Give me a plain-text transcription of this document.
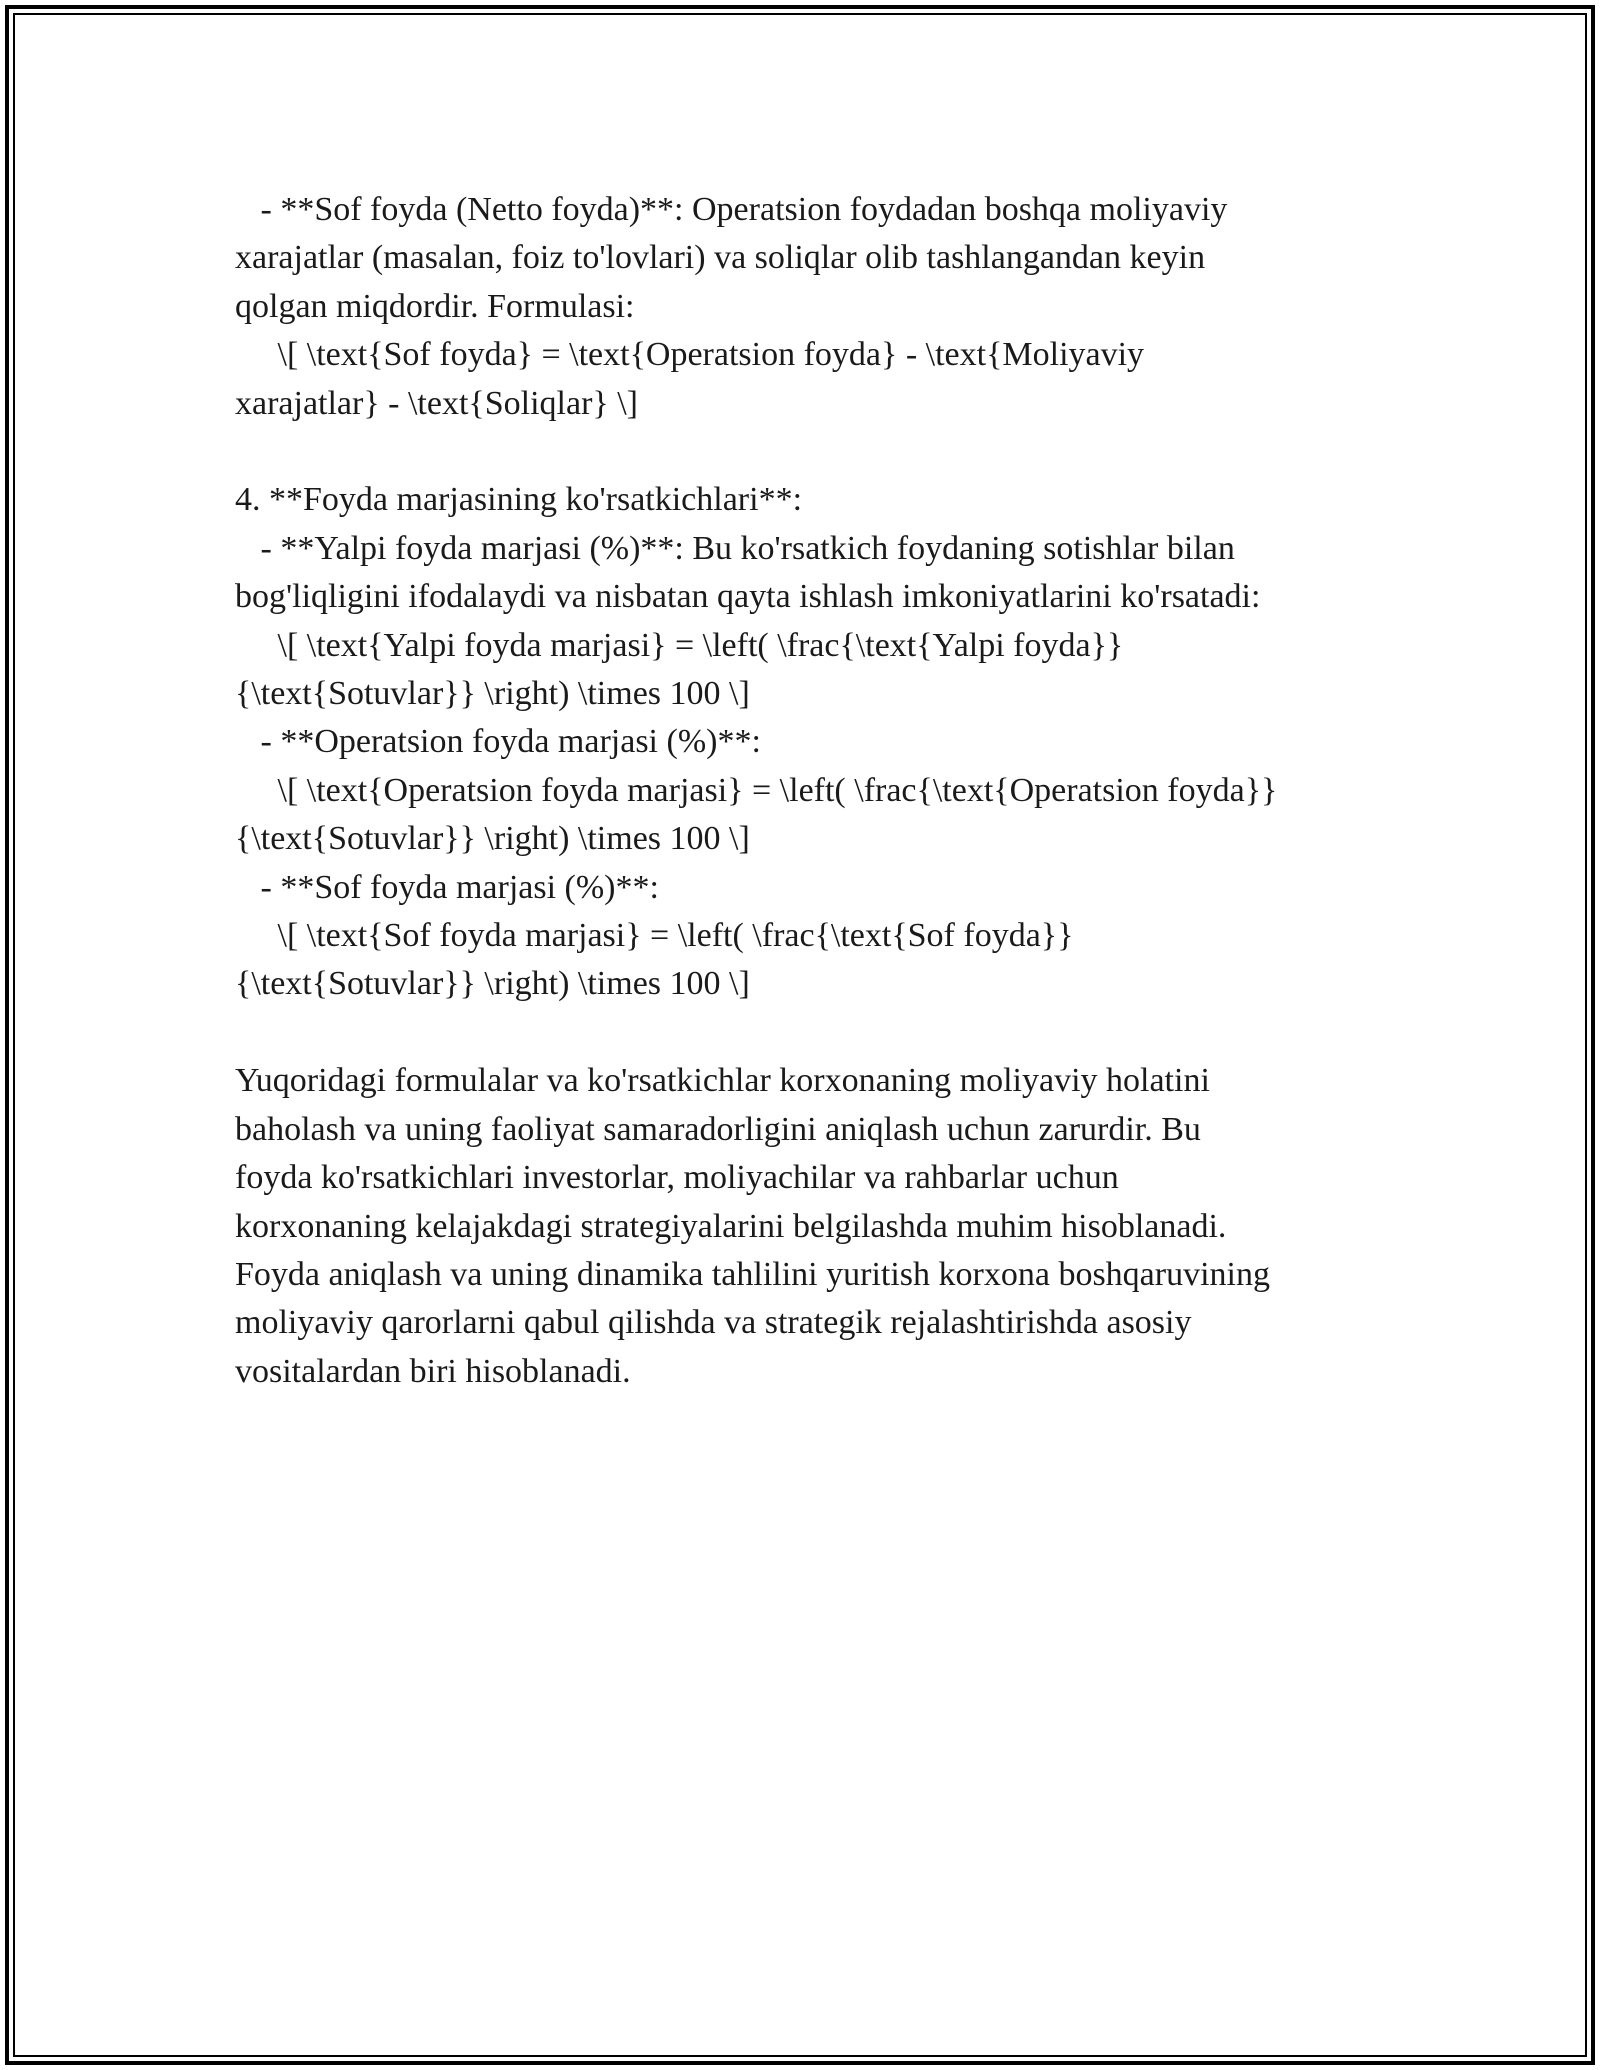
- **Sof foyda (Netto foyda)**: Operatsion foydadan boshqa moliyaviy
xarajatlar (masalan, foiz to'lovlari) va soliqlar olib tashlangandan keyin
qolgan miqdordir. Formulasi:
\[ \text{Sof foyda} = \text{Operatsion foyda} - \text{Moliyaviy
xarajatlar} - \text{Soliqlar} \]
4. **Foyda marjasining ko'rsatkichlari**:
- **Yalpi foyda marjasi (%)**: Bu ko'rsatkich foydaning sotishlar bilan
bog'liqligini ifodalaydi va nisbatan qayta ishlash imkoniyatlarini ko'rsatadi:
\[ \text{Yalpi foyda marjasi} = \left( \frac{\text{Yalpi foyda}}
{\text{Sotuvlar}} \right) \times 100 \]
- **Operatsion foyda marjasi (%)**:
\[ \text{Operatsion foyda marjasi} = \left( \frac{\text{Operatsion foyda}}
{\text{Sotuvlar}} \right) \times 100 \]
- **Sof foyda marjasi (%)**:
\[ \text{Sof foyda marjasi} = \left( \frac{\text{Sof foyda}}
{\text{Sotuvlar}} \right) \times 100 \]
Yuqoridagi formulalar va ko'rsatkichlar korxonaning moliyaviy holatini
baholash va uning faoliyat samaradorligini aniqlash uchun zarurdir. Bu
foyda ko'rsatkichlari investorlar, moliyachilar va rahbarlar uchun
korxonaning kelajakdagi strategiyalarini belgilashda muhim hisoblanadi.
Foyda aniqlash va uning dinamika tahlilini yuritish korxona boshqaruvining
moliyaviy qarorlarni qabul qilishda va strategik rejalashtirishda asosiy
vositalardan biri hisoblanadi.
